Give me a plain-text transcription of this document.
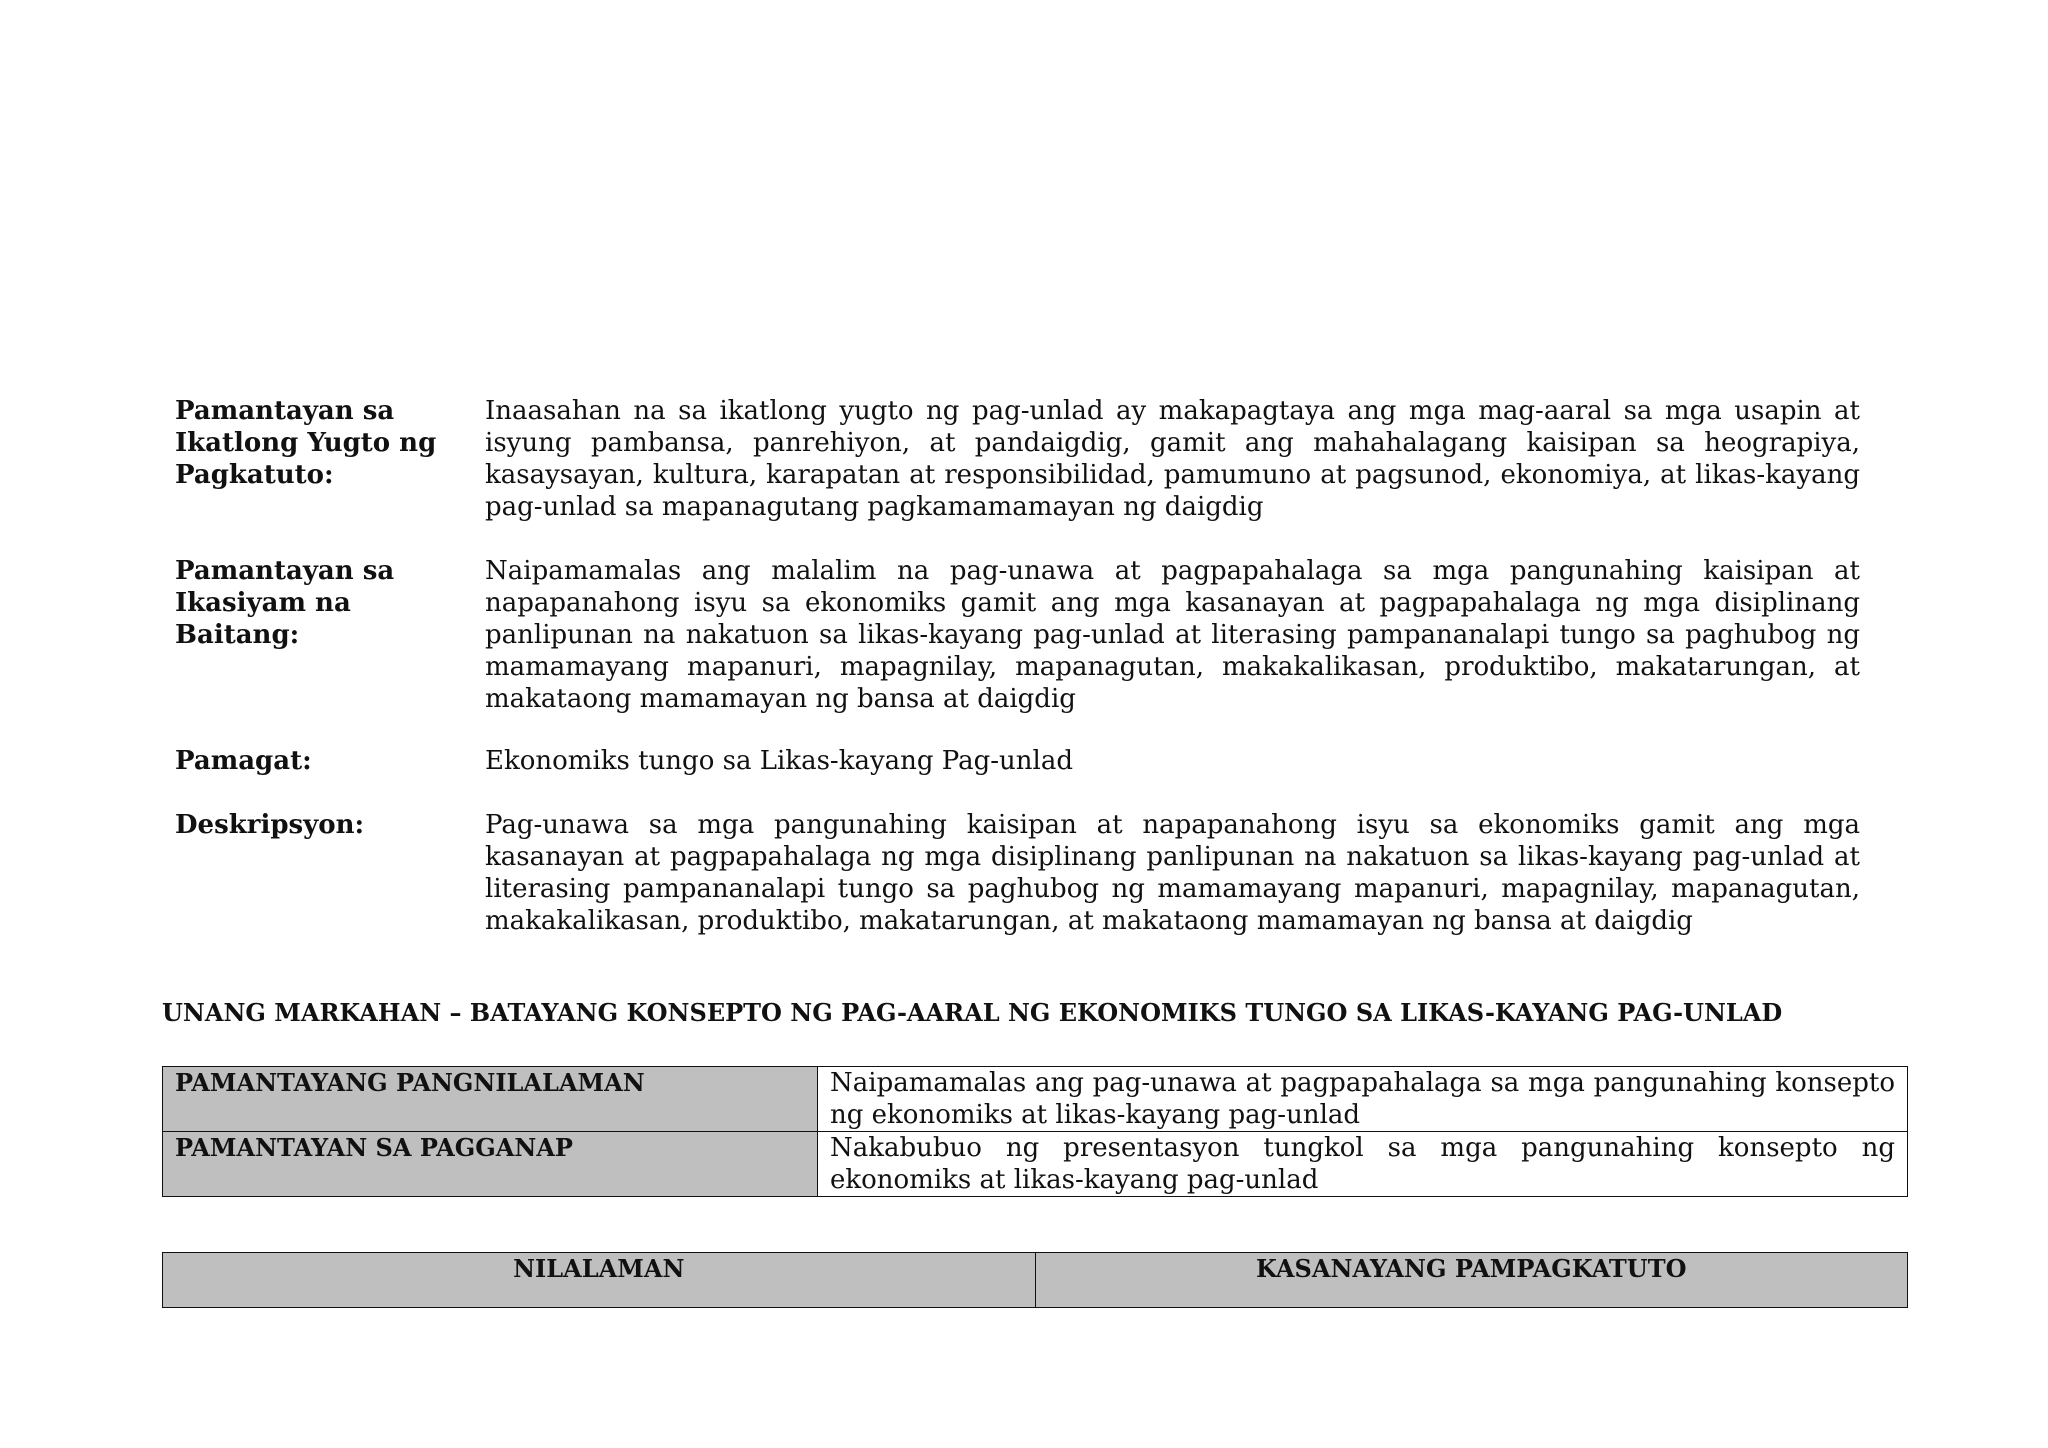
Pamantayan sa
Ikatlong Yugto ng
Pagkatuto:
Inaasahan na sa ikatlong yugto ng pag-unlad ay makapagtaya ang mga mag-aaral sa mga usapin at isyung pambansa, panrehiyon, at pandaigdig, gamit ang mahahalagang kaisipan sa heograpiya, kasaysayan, kultura, karapatan at responsibilidad, pamumuno at pagsunod, ekonomiya, at likas-kayang pag-unlad sa mapanagutang pagkamamamayan ng daigdig
Pamantayan sa
Ikasiyam na
Baitang:
Naipamamalas ang malalim na pag-unawa at pagpapahalaga sa mga pangunahing kaisipan at napapanahong isyu sa ekonomiks gamit ang mga kasanayan at pagpapahalaga ng mga disiplinang panlipunan na nakatuon sa likas-kayang pag-unlad at literasing pampananalapi tungo sa paghubog ng mamamayang mapanuri, mapagnilay, mapanagutan, makakalikasan, produktibo, makatarungan, at makataong mamamayan ng bansa at daigdig
Pamagat:	Ekonomiks tungo sa Likas-kayang Pag-unlad
Deskripsyon:	Pag-unawa sa mga pangunahing kaisipan at napapanahong isyu sa ekonomiks gamit ang mga kasanayan at pagpapahalaga ng mga disiplinang panlipunan na nakatuon sa likas-kayang pag-unlad at literasing pampananalapi tungo sa paghubog ng mamamayang mapanuri, mapagnilay, mapanagutan, makakalikasan, produktibo, makatarungan, at makataong mamamayan ng bansa at daigdig
UNANG MARKAHAN – BATAYANG KONSEPTO NG PAG-AARAL NG EKONOMIKS TUNGO SA LIKAS-KAYANG PAG-UNLAD
PAMANTAYANG PANGNILALAMAN	Naipamamalas ang pag-unawa at pagpapahalaga sa mga pangunahing konsepto ng ekonomiks at likas-kayang pag-unlad
PAMANTAYAN SA PAGGANAP	Nakabubuo ng presentasyon tungkol sa mga pangunahing konsepto ng ekonomiks at likas-kayang pag-unlad
NILALAMAN	KASANAYANG PAMPAGKATUTO
